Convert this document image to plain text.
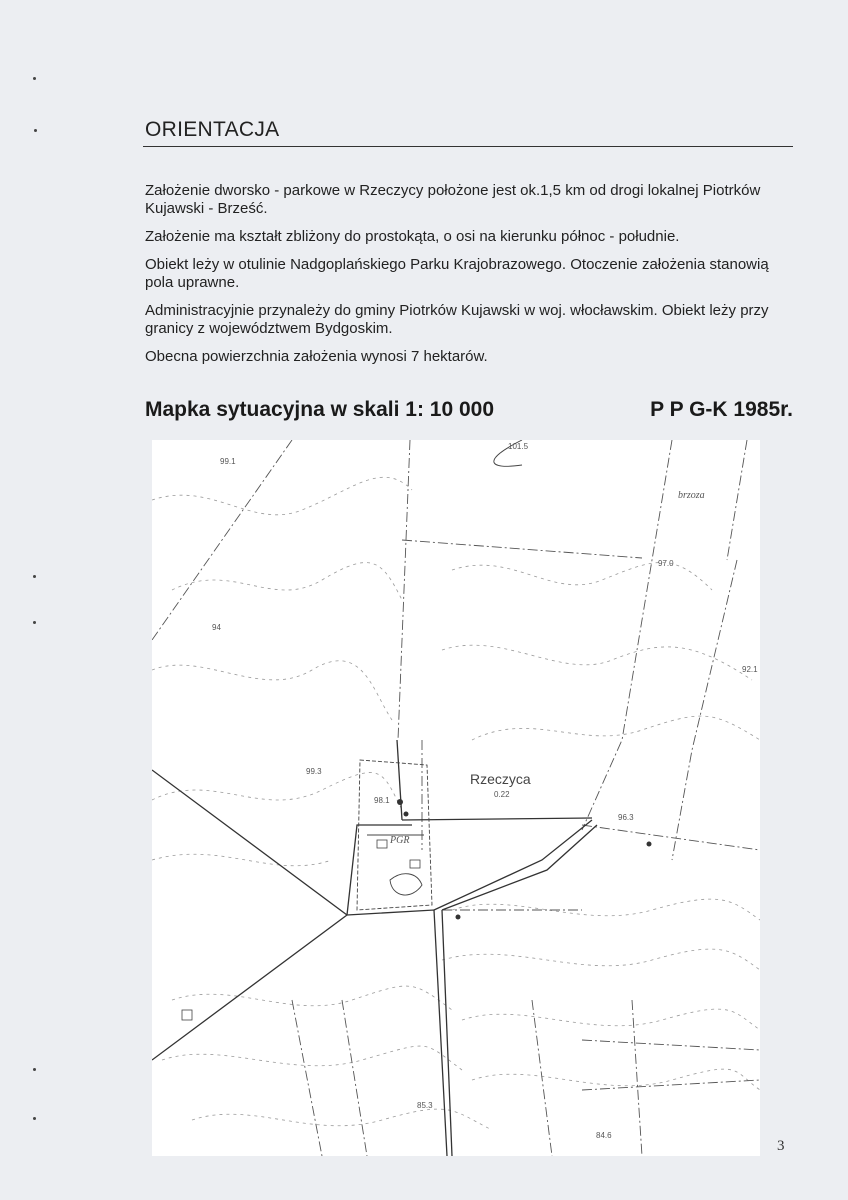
ORIENTACJA

Założenie dworsko - parkowe w Rzeczycy położone jest ok.1,5 km od drogi lokalnej Piotrków Kujawski - Brześć.

Założenie ma kształt zbliżony do prostokąta, o osi na kierunku północ - południe.

Obiekt leży w otulinie Nadgoplańskiego Parku Krajobrazowego. Otoczenie założenia stanowią pola uprawne.

Administracyjnie przynależy do gminy Piotrków Kujawski w woj. włocławskim. Obiekt leży przy granicy z województwem Bydgoskim.

Obecna powierzchnia założenia wynosi 7 hektarów.

Mapka sytuacyjna w skali 1: 10 000	P P G-K 1985r.
Rzeczyca
0.22
PGR
brzoza
99.1
101.5
97.0
94
92.1
99.3
98.1
96.3
85.3
84.6
3
